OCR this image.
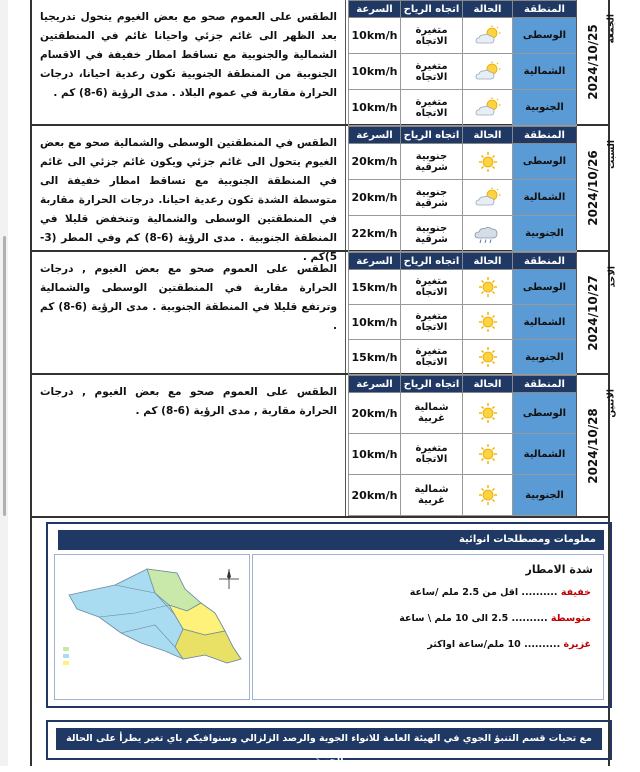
الطقس على العموم صحو مع بعض الغيوم يتحول تدريجيا بعد الظهر الى غائم جزئي واحيانا غائم في المنطقتين الشمالية والجنوبية مع تساقط امطار خفيفة في الاقسام الجنوبية من المنطقة الجنوبية تكون رعدية احيانا، درجات الحرارة مقاربة في عموم البلاد . مدى الرؤية (6-8) كم .
السرعة	اتجاه الرياح	الحالة	المنطقة
10km/h	متغيرة الاتجاه		الوسطى
10km/h	متغيرة الاتجاه		الشمالية
10km/h	متغيرة الاتجاه		الجنوبية
2024/10/25 الجمعة
الطقس في المنطقتين الوسطى والشمالية صحو مع بعض الغيوم يتحول الى غائم جزئي ويكون غائم جزئي الى غائم في المنطقة الجنوبية مع تساقط امطار خفيفة الى متوسطة الشدة تكون رعدية احيانا. درجات الحرارة مقاربة في المنطقتين الوسطى والشمالية وتنخفض قليلا في المنطقة الجنوبية . مدى الرؤية (6-8) كم وفي المطر (3-5)كم .
السرعة	اتجاه الرياح	الحالة	المنطقة
20km/h	جنوبية شرقية		الوسطى
20km/h	جنوبية شرقية		الشمالية
22km/h	جنوبية شرقية		الجنوبية
2024/10/26 السبت
الطقس على العموم صحو مع بعض الغيوم , درجات الحرارة مقاربة في المنطقتين الوسطى والشمالية وترتفع قليلا في المنطقة الجنوبية . مدى الرؤية (6-8) كم .
السرعة	اتجاه الرياح	الحالة	المنطقة
15km/h	متغيرة الاتجاه		الوسطى
10km/h	متغيرة الاتجاه		الشمالية
15km/h	متغيرة الاتجاه		الجنوبية
2024/10/27 الاحد
الطقس على العموم صحو مع بعض الغيوم , درجات الحرارة مقاربة , مدى الرؤية (6-8) كم .
السرعة	اتجاه الرياح	الحالة	المنطقة
20km/h	شمالية غربية		الوسطى
10km/h	متغيرة الاتجاه		الشمالية
20km/h	شمالية غربية		الجنوبية
2024/10/28
الاثنين
معلومات ومصطلحات انوائية
شدة الامطار
خفيفة .......... اقل من 2.5 ملم /ساعة
متوسطة .......... 2.5 الى 10 ملم \ ساعة
غزيرة .......... 10 ملم/ساعة اواكثر
مع تحيات قسم التنبؤ الجوي في الهيئة العامة للانواء الجوية والرصد الزلزالي وسنوافيكم باي تغير يطرأ على الحالة الجوية
